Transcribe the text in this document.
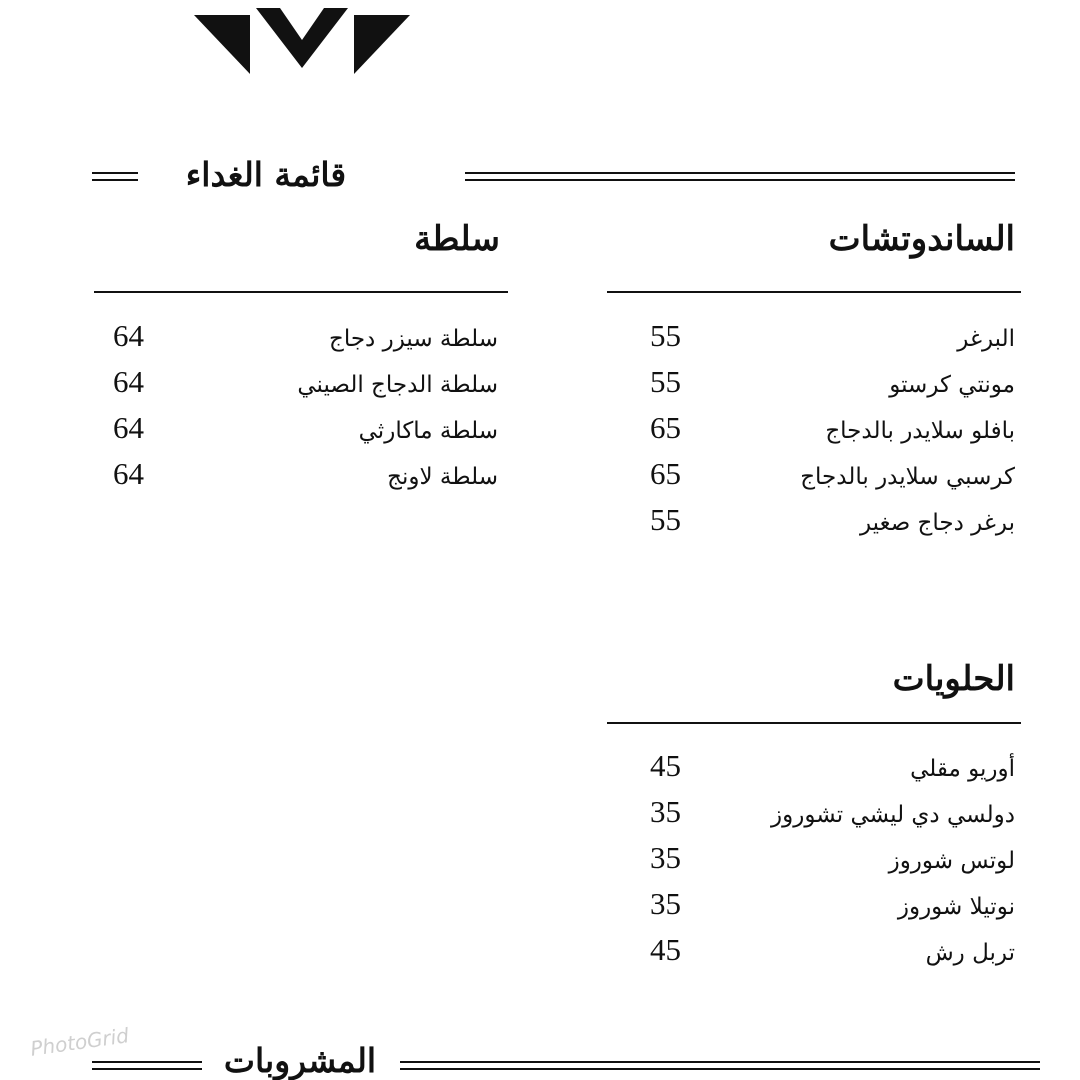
قائمة الغداء
الساندوتشات
البرغر
55
مونتي كرستو
55
بافلو سلايدر بالدجاج
65
كرسبي سلايدر بالدجاج
65
برغر دجاج صغير
55
سلطة
سلطة سيزر دجاج
64
سلطة الدجاج الصيني
64
سلطة ماكارثي
64
سلطة لاونج
64
الحلويات
أوريو مقلي
45
دولسي دي ليشي تشوروز
35
لوتس شوروز
35
نوتيلا شوروز
35
تربل رش
45
المشروبات
PhotoGrid
